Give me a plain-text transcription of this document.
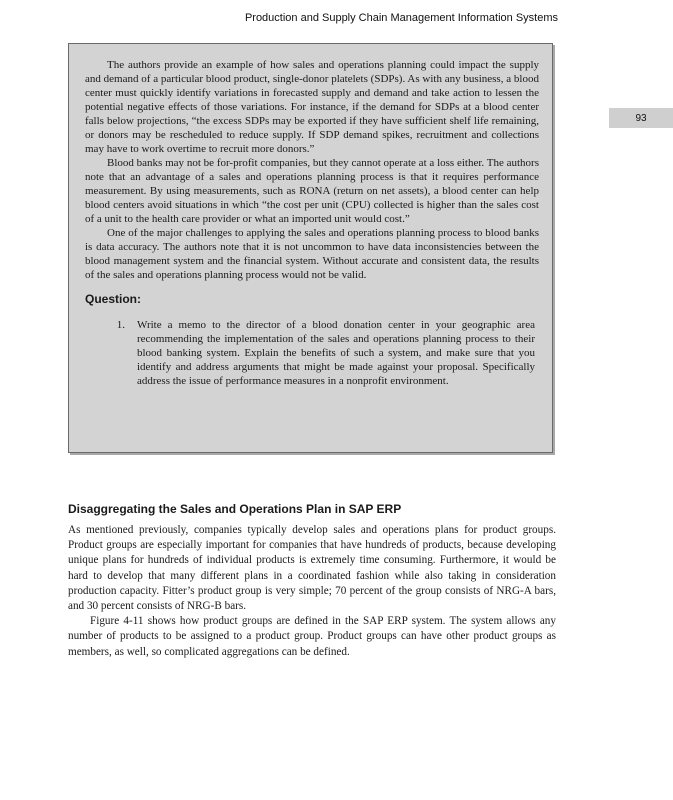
Production and Supply Chain Management Information Systems
93

The authors provide an example of how sales and operations planning could impact the supply and demand of a particular blood product, single-donor platelets (SDPs). As with any business, a blood center must quickly identify variations in forecasted supply and demand and take action to lessen the potential negative effects of those variations. For instance, if the demand for SDPs at a blood center falls below projections, “the excess SDPs may be exported if they have sufficient shelf life remaining, or donors may be rescheduled to reduce supply. If SDP demand spikes, recruitment and collections may have to work overtime to recruit more donors.”

Blood banks may not be for-profit companies, but they cannot operate at a loss either. The authors note that an advantage of a sales and operations planning process is that it requires performance measurement. By using measurements, such as RONA (return on net assets), a blood center can help blood centers avoid situations in which “the cost per unit (CPU) collected is higher than the sales cost of a unit to the health care provider or what an imported unit would cost.”

One of the major challenges to applying the sales and operations planning process to blood banks is data accuracy. The authors note that it is not uncommon to have data inconsistencies between the blood management system and the financial system. Without accurate and consistent data, the results of the sales and operations planning process would not be valid.

Question:
1.	Write a memo to the director of a blood donation center in your geographic area recommending the implementation of the sales and operations planning process to their blood banking system. Explain the benefits of such a system, and make sure that you identify and address arguments that might be made against your proposal. Specifically address the issue of performance measures in a nonprofit environment.
Disaggregating the Sales and Operations Plan in SAP ERP

As mentioned previously, companies typically develop sales and operations plans for product groups. Product groups are especially important for companies that have hundreds of products, because developing unique plans for hundreds of individual products is extremely time consuming. Furthermore, it would be hard to develop that many different plans in a coordinated fashion while also taking in consideration production capacity. Fitter’s product group is very simple; 70 percent of the group consists of NRG-A bars, and 30 percent consists of NRG-B bars.

Figure 4-11 shows how product groups are defined in the SAP ERP system. The system allows any number of products to be assigned to a product group. Product groups can have other product groups as members, as well, so complicated aggregations can be defined.
